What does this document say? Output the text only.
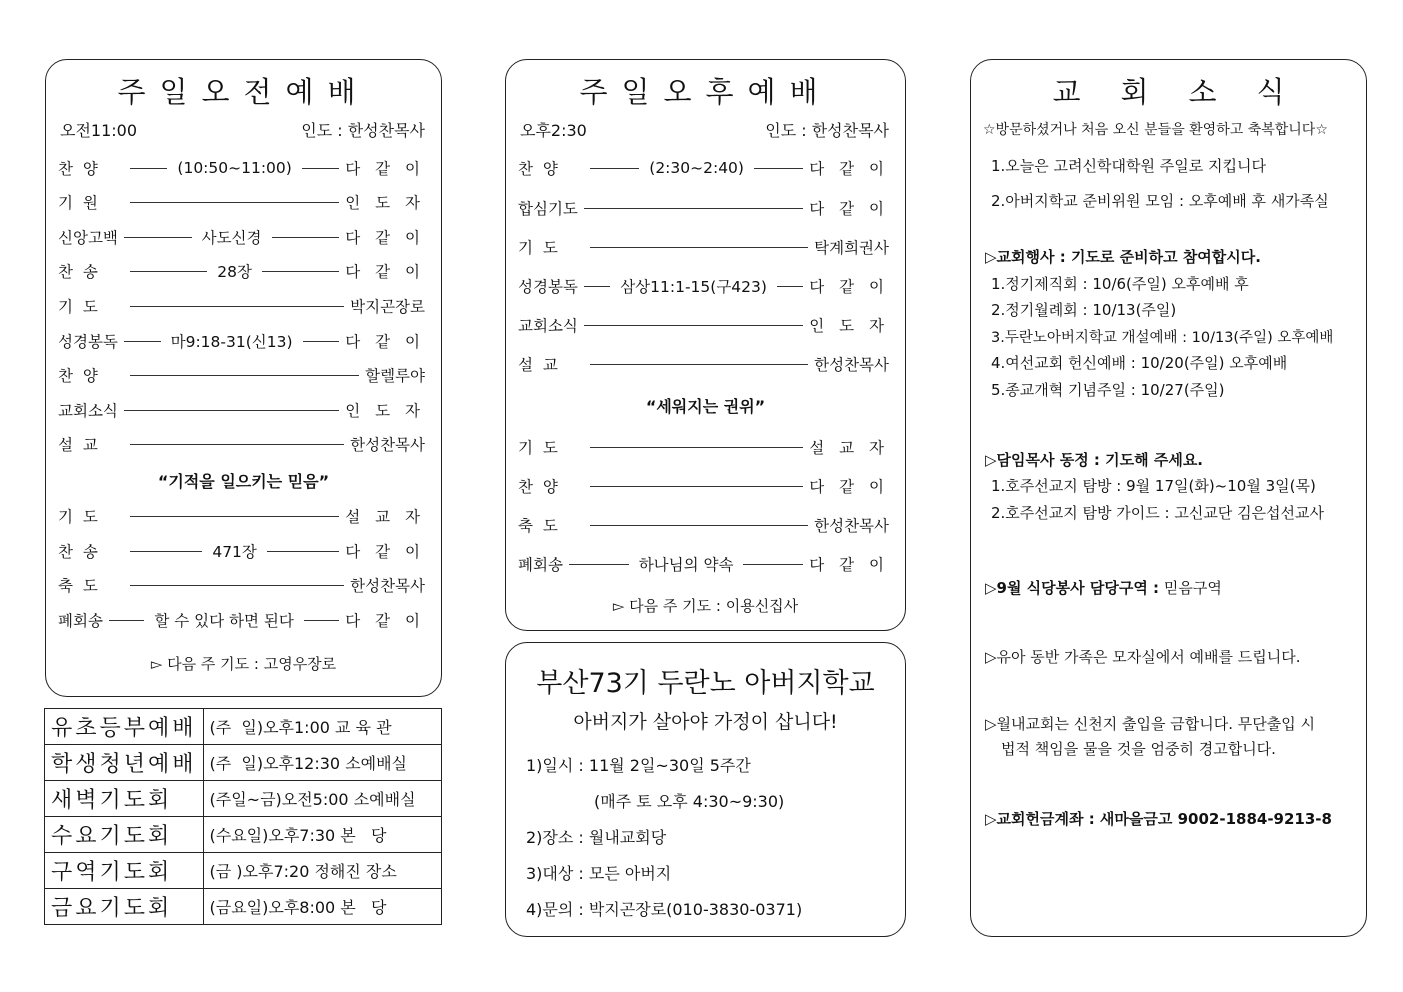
주일오전예배
오전11:00	인도 : 한성찬목사
찬  양	(10:50~11:00)	다 같 이
기  원	인 도 자
신앙고백	사도신경	다 같 이
찬  송	28장	다 같 이
기  도	박지곤장로
성경봉독	마9:18-31(신13)	다 같 이
찬  양	할렐루야
교회소식	인 도 자
설  교	한성찬목사
기  도	설 교 자
찬  송	471장	다 같 이
축  도	한성찬목사
폐회송	할 수 있다 하면 된다	다 같 이
“기적을 일으키는 믿음”
▻ 다음 주 기도 : 고영우장로
주일오후예배
오후2:30	인도 : 한성찬목사
찬  양	(2:30~2:40)	다 같 이
합심기도	다 같 이
기  도	탁계희권사
성경봉독	삼상11:1-15(구423)	다 같 이
교회소식	인 도 자
설  교	한성찬목사
기  도	설 교 자
찬  양	다 같 이
축  도	한성찬목사
폐회송	하나님의 약속	다 같 이
“세워지는 권위”
▻ 다음 주 기도 : 이용신집사
유초등부예배	(주  일)오후1:00 교 육 관
학생청년예배	(주  일)오후12:30 소예배실
새벽기도회	(주일~금)오전5:00 소예배실
수요기도회	(수요일)오후7:30 본   당
구역기도회	(금 )오후7:20 정해진 장소
금요기도회	(금요일)오후8:00 본   당
부산73기 두란노 아버지학교
아버지가 살아야 가정이 삽니다!
1)일시 : 11월 2일~30일 5주간
(매주 토 오후 4:30~9:30)
2)장소 : 월내교회당
3)대상 : 모든 아버지
4)문의 : 박지곤장로(010-3830-0371)
교회소식
☆방문하셨거나 처음 오신 분들을 환영하고 축복합니다☆
1.오늘은 고려신학대학원 주일로 지킵니다
2.아버지학교 준비위원 모임 : 오후예배 후 새가족실
▷교회행사 : 기도로 준비하고 참여합시다.
1.정기제직회 : 10/6(주일) 오후예배 후
2.정기월례회 : 10/13(주일)
3.두란노아버지학교 개설예배 : 10/13(주일) 오후예배
4.여선교회 헌신예배 : 10/20(주일) 오후예배
5.종교개혁 기념주일 : 10/27(주일)
▷담임목사 동정 : 기도해 주세요.
1.호주선교지 탐방 : 9월 17일(화)~10월 3일(목)
2.호주선교지 탐방 가이드 : 고신교단 김은섭선교사
▷9월 식당봉사 담당구역 : 믿음구역
▷유아 동반 가족은 모자실에서 예배를 드립니다.
▷월내교회는 신천지 출입을 금합니다. 무단출입 시
법적 책임을 물을 것을 엄중히 경고합니다.
▷교회헌금계좌 : 새마을금고 9002-1884-9213-8
